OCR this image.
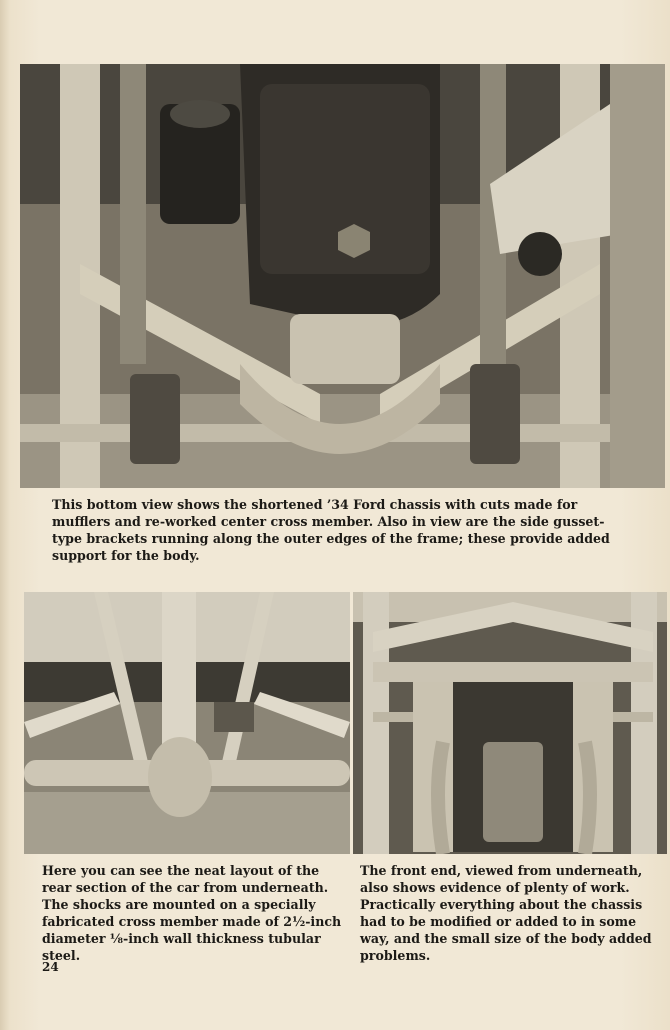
This bottom view shows the shortened ’34 Ford chassis with cuts made for mufflers and re-worked center cross member. Also in view are the side gusset-type brackets running along the outer edges of the frame; these provide added support for the body.

Here you can see the neat layout of the rear section of the car from underneath. The shocks are mounted on a specially fabricated cross member made of 2½-inch diameter ⅛-inch wall thickness tubular steel.

The front end, viewed from underneath, also shows evidence of plenty of work. Practically everything about the chassis had to be modified or added to in some way, and the small size of the body added problems.

24
